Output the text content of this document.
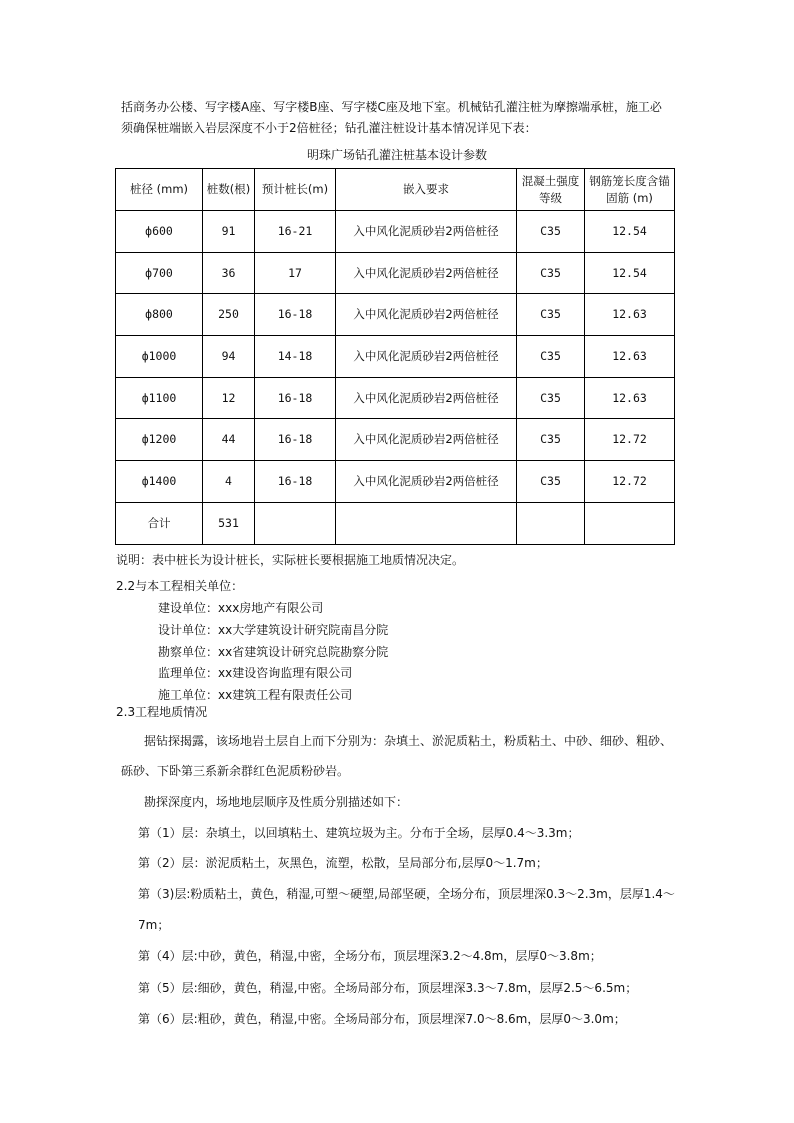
括商务办公楼、写字楼A座、写字楼B座、写字楼C座及地下室。机械钻孔灌注桩为摩擦端承桩，施工必
须确保桩端嵌入岩层深度不小于2倍桩径；钻孔灌注桩设计基本情况详见下表：
明珠广场钻孔灌注桩基本设计参数
桩径 (mm)	桩数(根)	预计桩长(m)	嵌入要求	混凝土强度等级	钢筋笼长度含锚固筋 (m)
ф600	91	16-21	入中风化泥质砂岩2两倍桩径	C35	12.54
ф700	36	17	入中风化泥质砂岩2两倍桩径	C35	12.54
ф800	250	16-18	入中风化泥质砂岩2两倍桩径	C35	12.63
ф1000	94	14-18	入中风化泥质砂岩2两倍桩径	C35	12.63
ф1100	12	16-18	入中风化泥质砂岩2两倍桩径	C35	12.63
ф1200	44	16-18	入中风化泥质砂岩2两倍桩径	C35	12.72
ф1400	4	16-18	入中风化泥质砂岩2两倍桩径	C35	12.72
合计	531				
说明：表中桩长为设计桩长，实际桩长要根据施工地质情况决定。
2.2与本工程相关单位：
建设单位：xxx房地产有限公司
设计单位：xx大学建筑设计研究院南昌分院
勘察单位：xx省建筑设计研究总院勘察分院
监理单位：xx建设咨询监理有限公司
施工单位：xx建筑工程有限责任公司
2.3工程地质情况
据钻探揭露，该场地岩土层自上而下分别为：杂填土、淤泥质粘土，粉质粘土、中砂、细砂、粗砂、
砾砂、下卧第三系新余群红色泥质粉砂岩。
勘探深度内，场地地层顺序及性质分别描述如下：
第（1）层：杂填土，以回填粘土、建筑垃圾为主。分布于全场，层厚0.4～3.3m；
第（2）层：淤泥质粘土，灰黑色，流塑，松散，呈局部分布,层厚0～1.7m；
第（3)层:粉质粘土，黄色，稍湿,可塑～硬塑,局部坚硬，全场分布，顶层埋深0.3～2.3m，层厚1.4～
7m；
第（4）层:中砂，黄色，稍湿,中密，全场分布，顶层埋深3.2～4.8m，层厚0～3.8m；
第（5）层:细砂，黄色，稍湿,中密。全场局部分布，顶层埋深3.3～7.8m，层厚2.5～6.5m；
第（6）层:粗砂，黄色，稍湿,中密。全场局部分布，顶层埋深7.0～8.6m，层厚0～3.0m；
